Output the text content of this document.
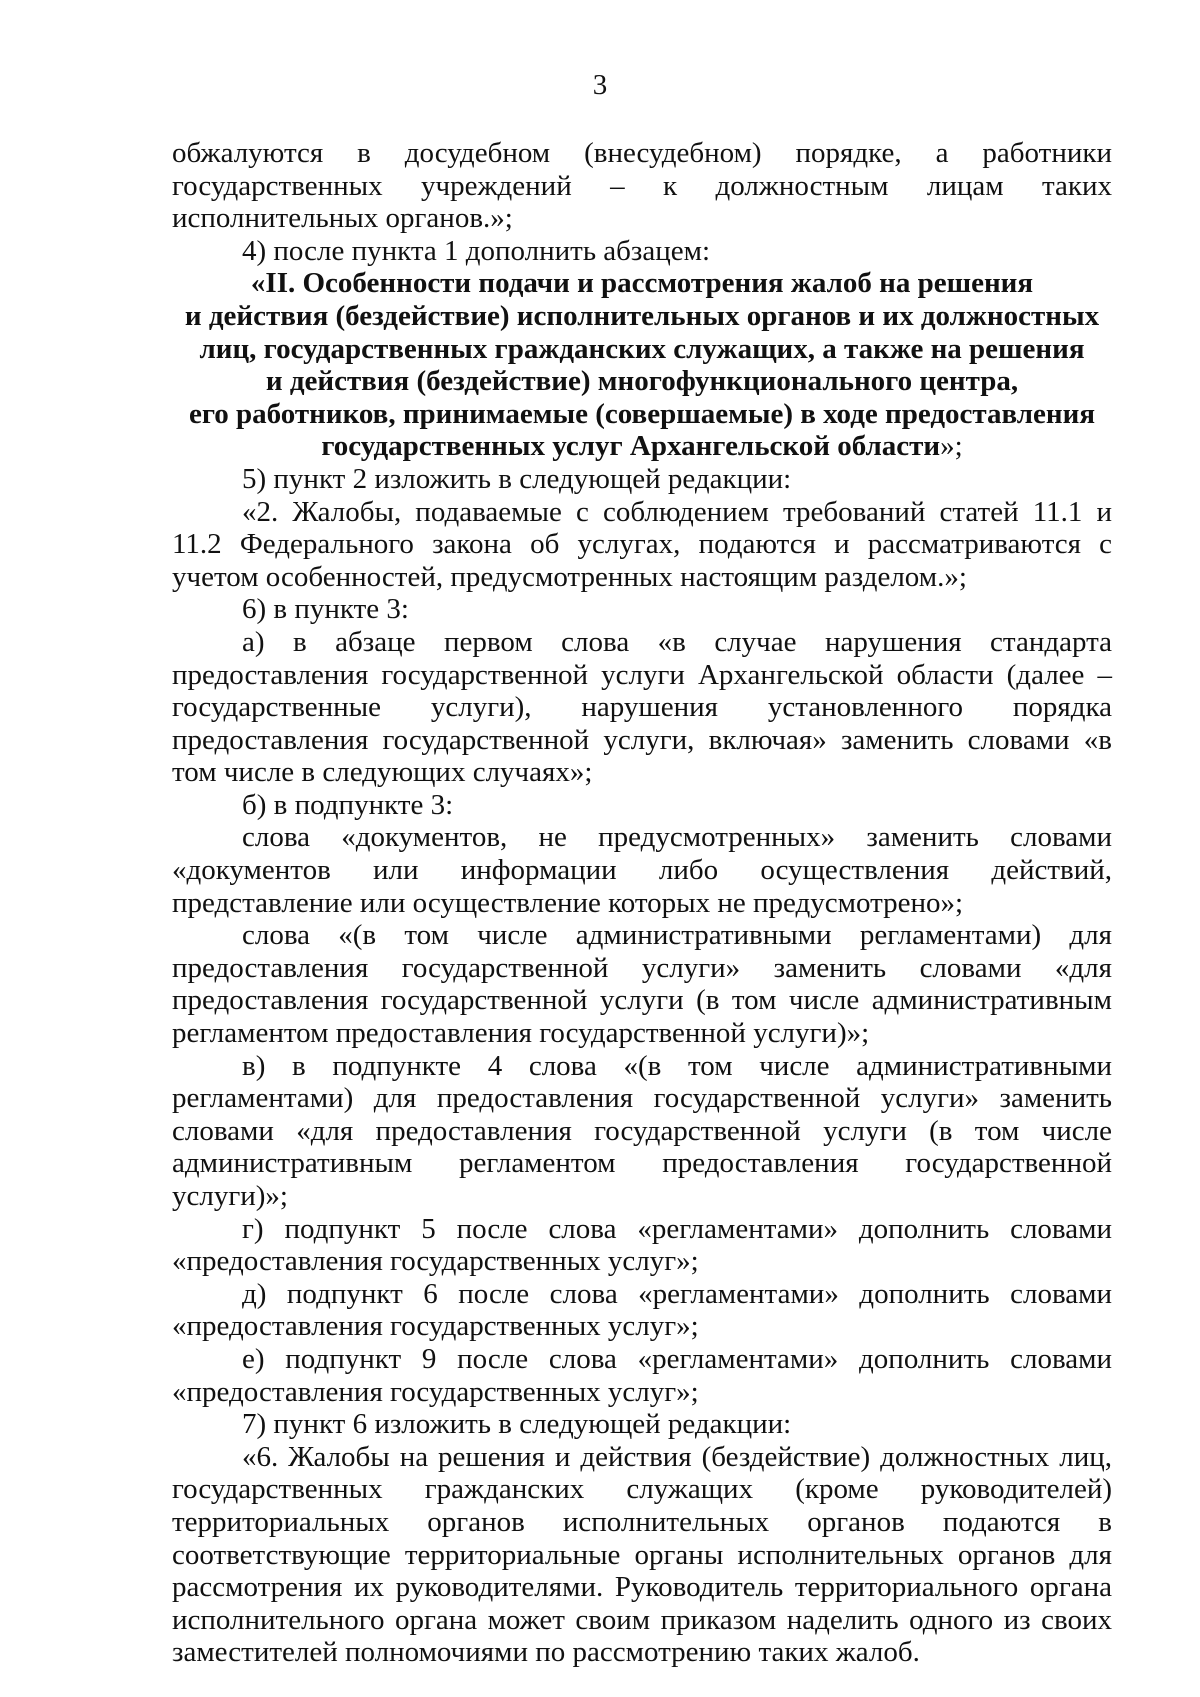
3

обжалуются в досудебном (внесудебном) порядке, а работники государственных учреждений – к должностным лицам таких исполнительных органов.»;

4) после пункта 1 дополнить абзацем:

«II. Особенности подачи и рассмотрения жалоб на решения
и действия (бездействие) исполнительных органов и их должностных
лиц, государственных гражданских служащих, а также на решения
и действия (бездействие) многофункционального центра,
его работников, принимаемые (совершаемые) в ходе предоставления
государственных услуг Архангельской области»;

5) пункт 2 изложить в следующей редакции:

«2. Жалобы, подаваемые с соблюдением требований статей 11.1 и 11.2 Федерального закона об услугах, подаются и рассматриваются с учетом особенностей, предусмотренных настоящим разделом.»;

6) в пункте 3:

а) в абзаце первом слова «в случае нарушения стандарта предоставления государственной услуги Архангельской области (далее – государственные услуги), нарушения установленного порядка предоставления государственной услуги, включая» заменить словами «в том числе в следующих случаях»;

б) в подпункте 3:

слова «документов, не предусмотренных» заменить словами «документов или информации либо осуществления действий, представление или осуществление которых не предусмотрено»;

слова «(в том числе административными регламентами) для предоставления государственной услуги» заменить словами «для предоставления государственной услуги (в том числе административным регламентом предоставления государственной услуги)»;

в) в подпункте 4 слова «(в том числе административными регламентами) для предоставления государственной услуги» заменить словами «для предоставления государственной услуги (в том числе административным регламентом предоставления государственной услуги)»;

г) подпункт 5 после слова «регламентами» дополнить словами «предоставления государственных услуг»;

д) подпункт 6 после слова «регламентами» дополнить словами «предоставления государственных услуг»;

е) подпункт 9 после слова «регламентами» дополнить словами «предоставления государственных услуг»;

7) пункт 6 изложить в следующей редакции:

«6. Жалобы на решения и действия (бездействие) должностных лиц, государственных гражданских служащих (кроме руководителей) территориальных органов исполнительных органов подаются в соответствующие территориальные органы исполнительных органов для рассмотрения их руководителями. Руководитель территориального органа исполнительного органа может своим приказом наделить одного из своих заместителей полномочиями по рассмотрению таких жалоб.
